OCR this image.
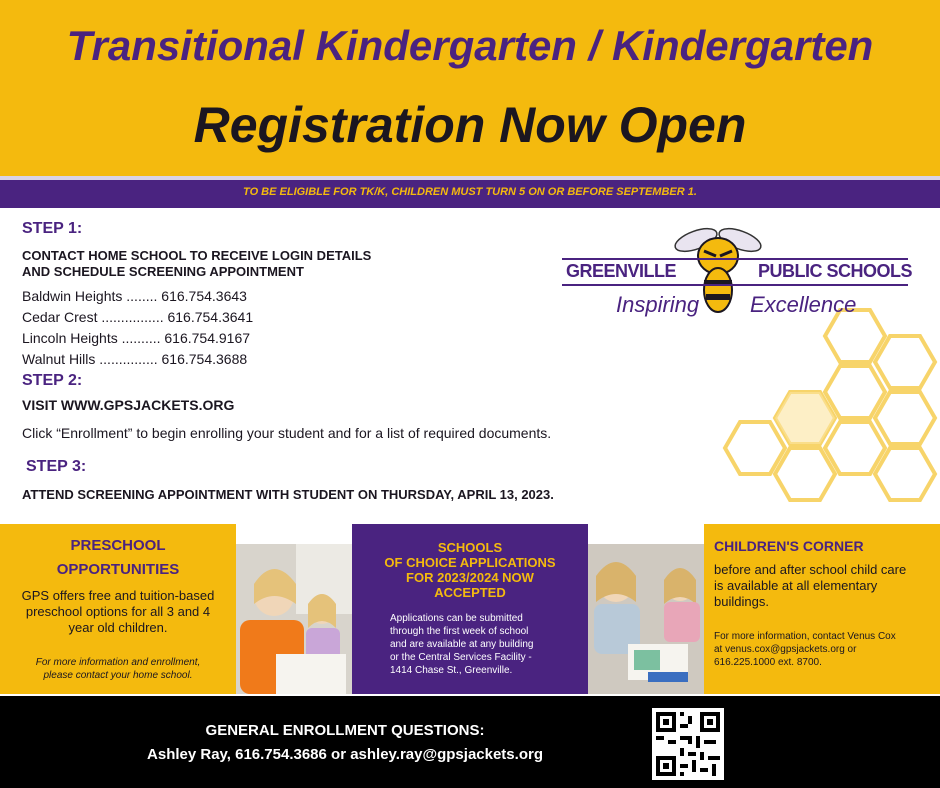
Transitional Kindergarten / Kindergarten
Registration Now Open
TO BE ELIGIBLE FOR TK/K, CHILDREN MUST TURN 5 ON OR BEFORE SEPTEMBER 1.
STEP 1:
CONTACT HOME SCHOOL TO RECEIVE LOGIN DETAILS
AND SCHEDULE SCREENING APPOINTMENT
Baldwin Heights ........ 616.754.3643
Cedar Crest ................ 616.754.3641
Lincoln Heights .......... 616.754.9167
Walnut Hills ............... 616.754.3688
STEP 2:
VISIT WWW.GPSJACKETS.ORG
Click “Enrollment” to begin enrolling your student and for a list of required documents.
STEP 3:
ATTEND SCREENING APPOINTMENT WITH STUDENT ON THURSDAY, APRIL 13, 2023.
GREENVILLE	PUBLIC SCHOOLS
Inspiring Excellence
PRESCHOOL
OPPORTUNITIES
GPS offers free and tuition-based
preschool options for all 3 and 4
year old children.
For more information and enrollment,
please contact your home school.
SCHOOLS
OF CHOICE APPLICATIONS
FOR 2023/2024 NOW
ACCEPTED
Applications can be submitted
through the first week of school
and are available at any building
or the Central Services Facility -
1414 Chase St., Greenville.
CHILDREN'S CORNER
before and after school child care
is available at all elementary
buildings.
For more information, contact Venus Cox
at venus.cox@gpsjackets.org or
616.225.1000 ext. 8700.
GENERAL ENROLLMENT QUESTIONS:
Ashley Ray, 616.754.3686 or ashley.ray@gpsjackets.org
